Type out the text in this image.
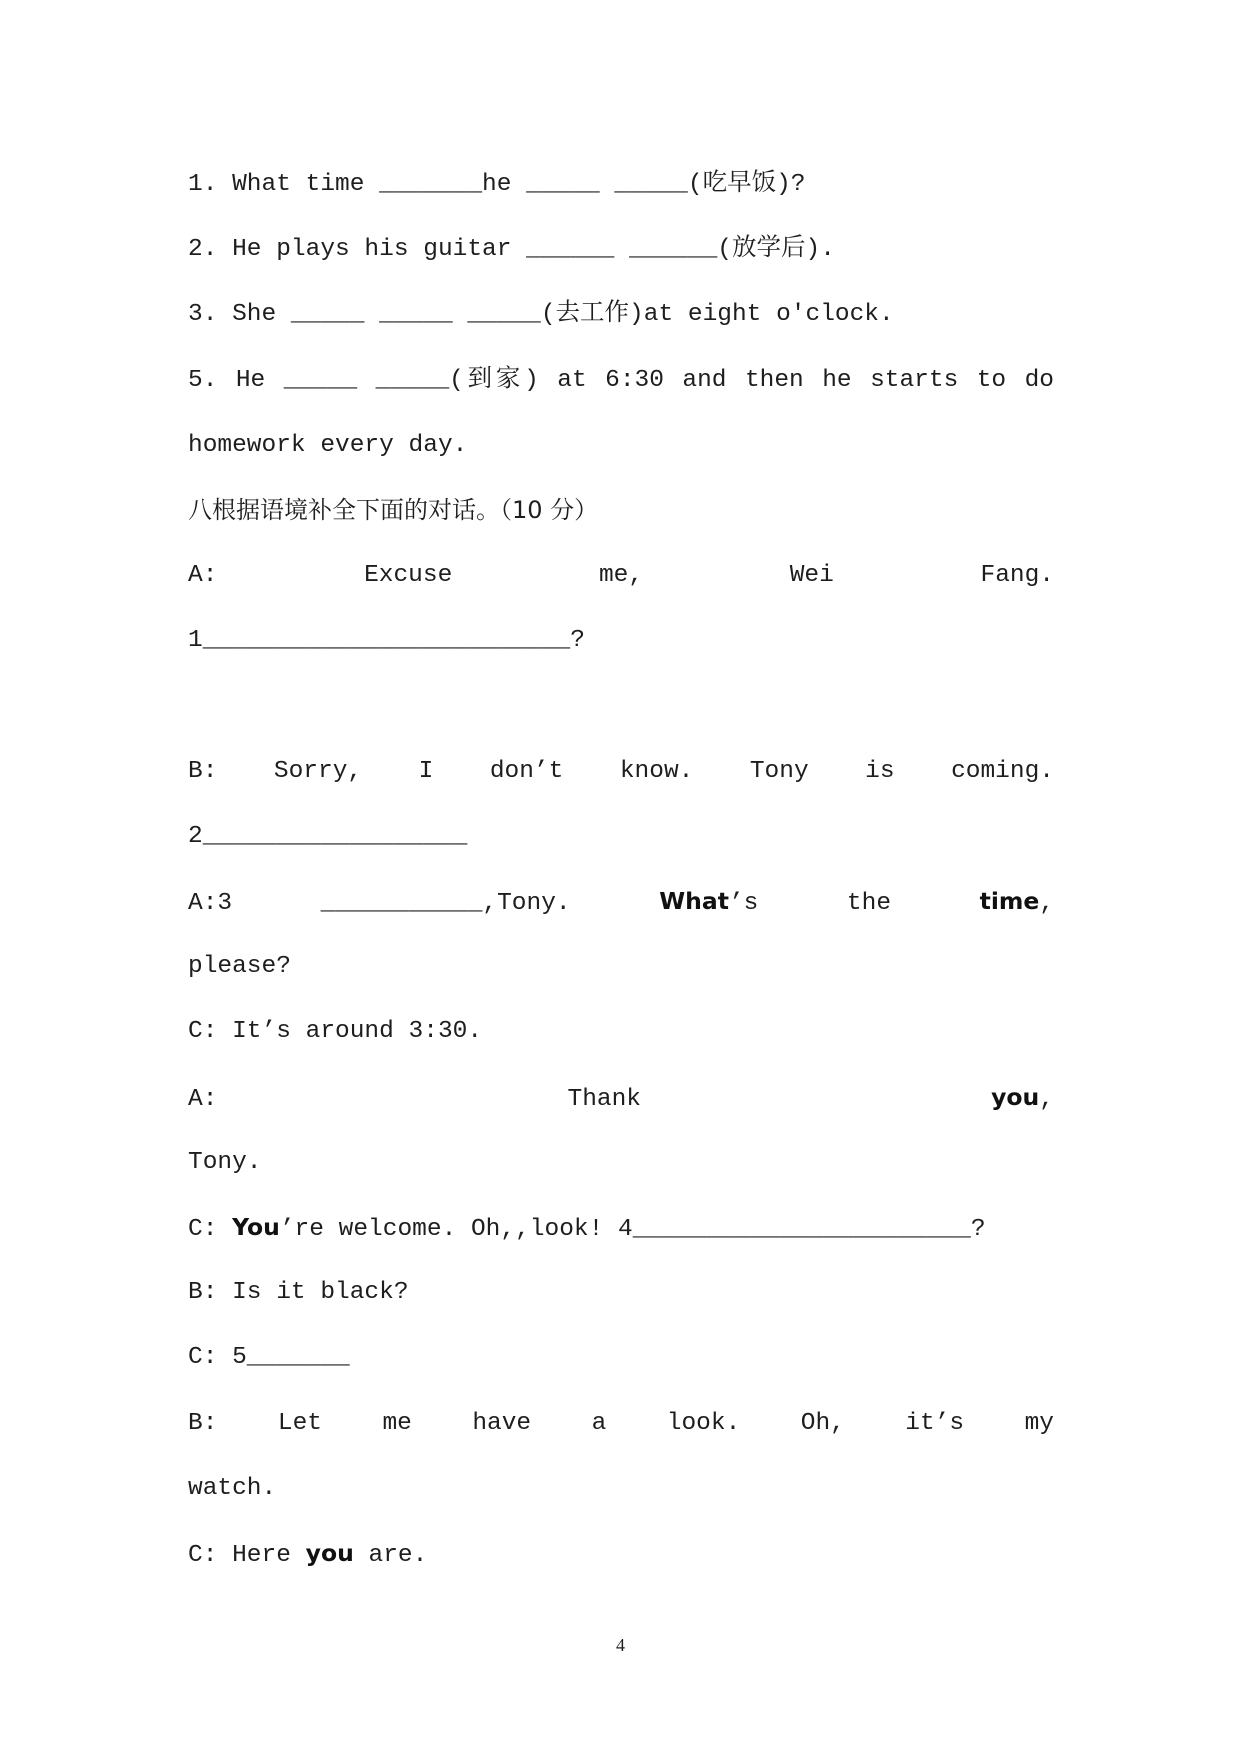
1. What time _______he _____ _____(吃早饭)?
2. He plays his guitar ______ ______(放学后).
3. She _____ _____ _____(去工作)at eight o'clock.
5. He _____ _____(到家) at 6:30 and then he starts to do
homework every day.
八根据语境补全下面的对话。（10 分）
A: Excuse me, Wei Fang.
1_________________________?
B: Sorry, I don’t know. Tony is coming.
2__________________
A:3 ___________,Tony. What’s the time,
please?
C: It’s around 3:30.
A: Thank you,
Tony.
C: You’re welcome. Oh,,look! 4_______________________?
B: Is it black?
C: 5_______
B: Let me have a look. Oh, it’s my
watch.
C: Here you are.
4
